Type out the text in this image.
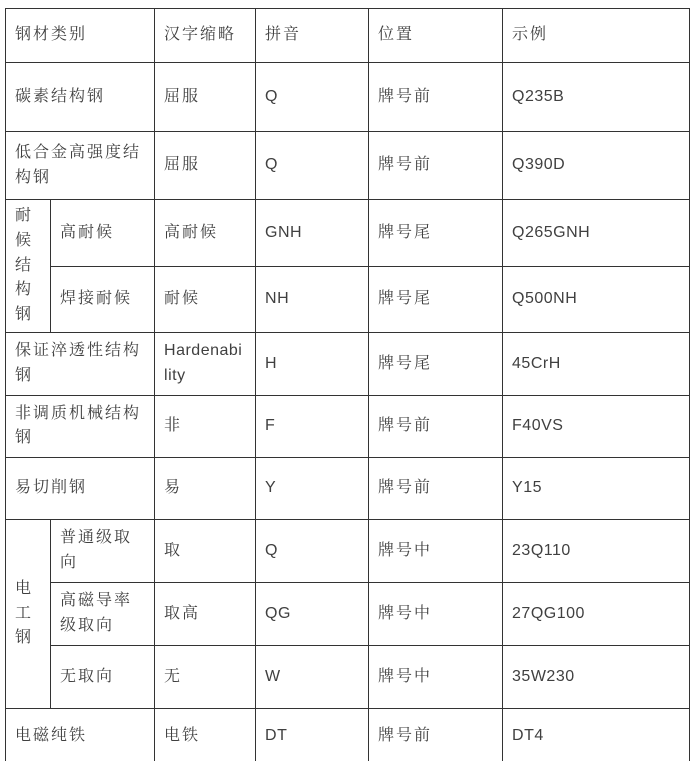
钢材类别		汉字缩略	拼音	位置	示例
碳素结构钢		屈服	Q	牌号前	Q235B
低合金高强度结构钢		屈服	Q	牌号前	Q390D
耐候结构钢	高耐候	高耐候	GNH	牌号尾	Q265GNH
	焊接耐候	耐候	NH	牌号尾	Q500NH
保证淬透性结构钢		Hardenability	H	牌号尾	45CrH
非调质机械结构钢		非	F	牌号前	F40VS
易切削钢		易	Y	牌号前	Y15
电工钢	普通级取向	取	Q	牌号中	23Q110
	高磁导率级取向	取高	QG	牌号中	27QG100
	无取向	无	W	牌号中	35W230
电磁纯铁		电铁	DT	牌号前	DT4
